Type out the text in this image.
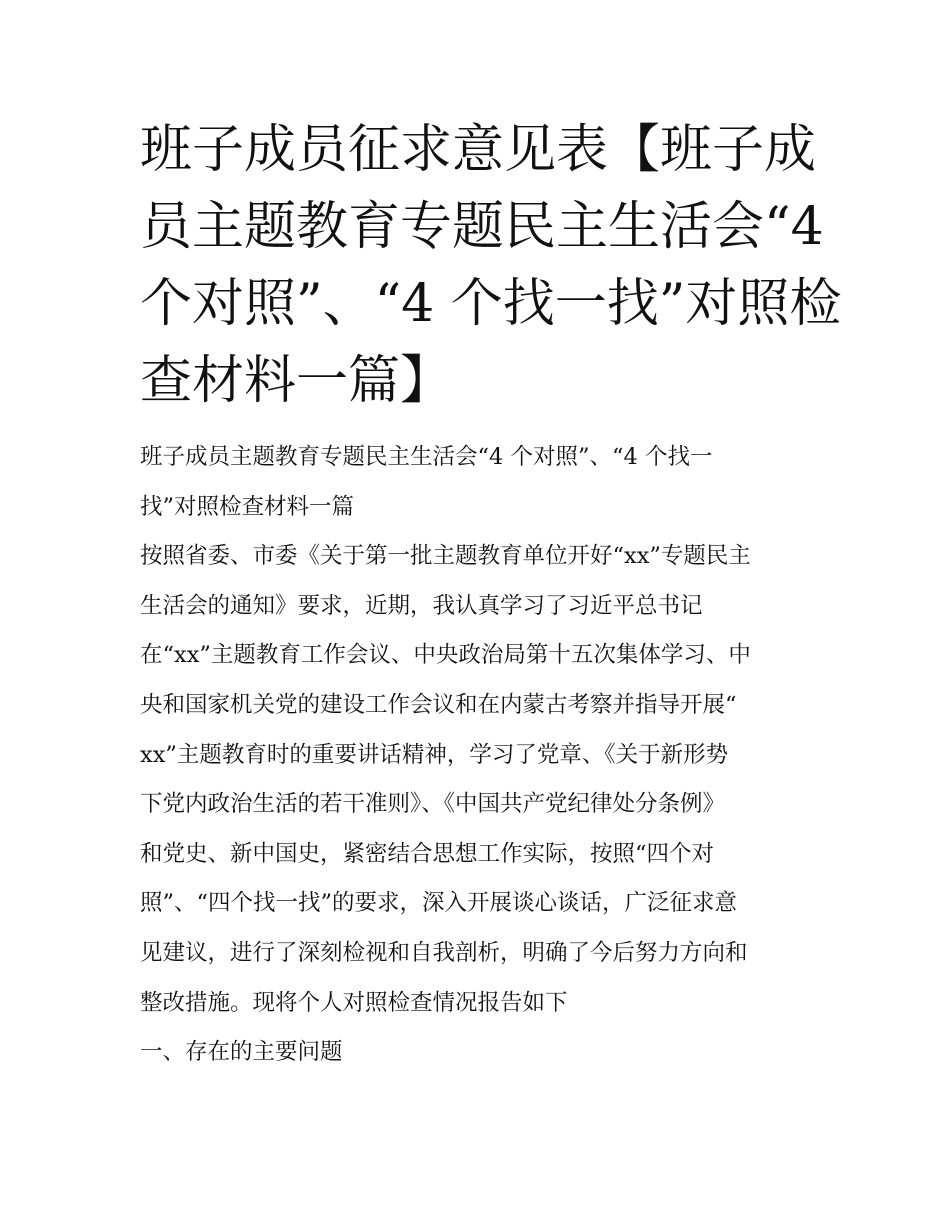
班子成员征求意见表【班子成
员主题教育专题民主生活会“4
个对照”、“4 个找一找”对照检
查材料一篇】
班子成员主题教育专题民主生活会“4 个对照”、“4 个找一
找”对照检查材料一篇
按照省委、市委《关于第一批主题教育单位开好“xx”专题民主
生活会的通知》要求，近期，我认真学习了习近平总书记
在“xx”主题教育工作会议、中央政治局第十五次集体学习、中
央和国家机关党的建设工作会议和在内蒙古考察并指导开展“
xx”主题教育时的重要讲话精神，学习了党章、《关于新形势
下党内政治生活的若干准则》、《中国共产党纪律处分条例》
和党史、新中国史，紧密结合思想工作实际，按照“四个对
照”、“四个找一找”的要求，深入开展谈心谈话，广泛征求意
见建议，进行了深刻检视和自我剖析，明确了今后努力方向和
整改措施。现将个人对照检查情况报告如下
一、存在的主要问题
